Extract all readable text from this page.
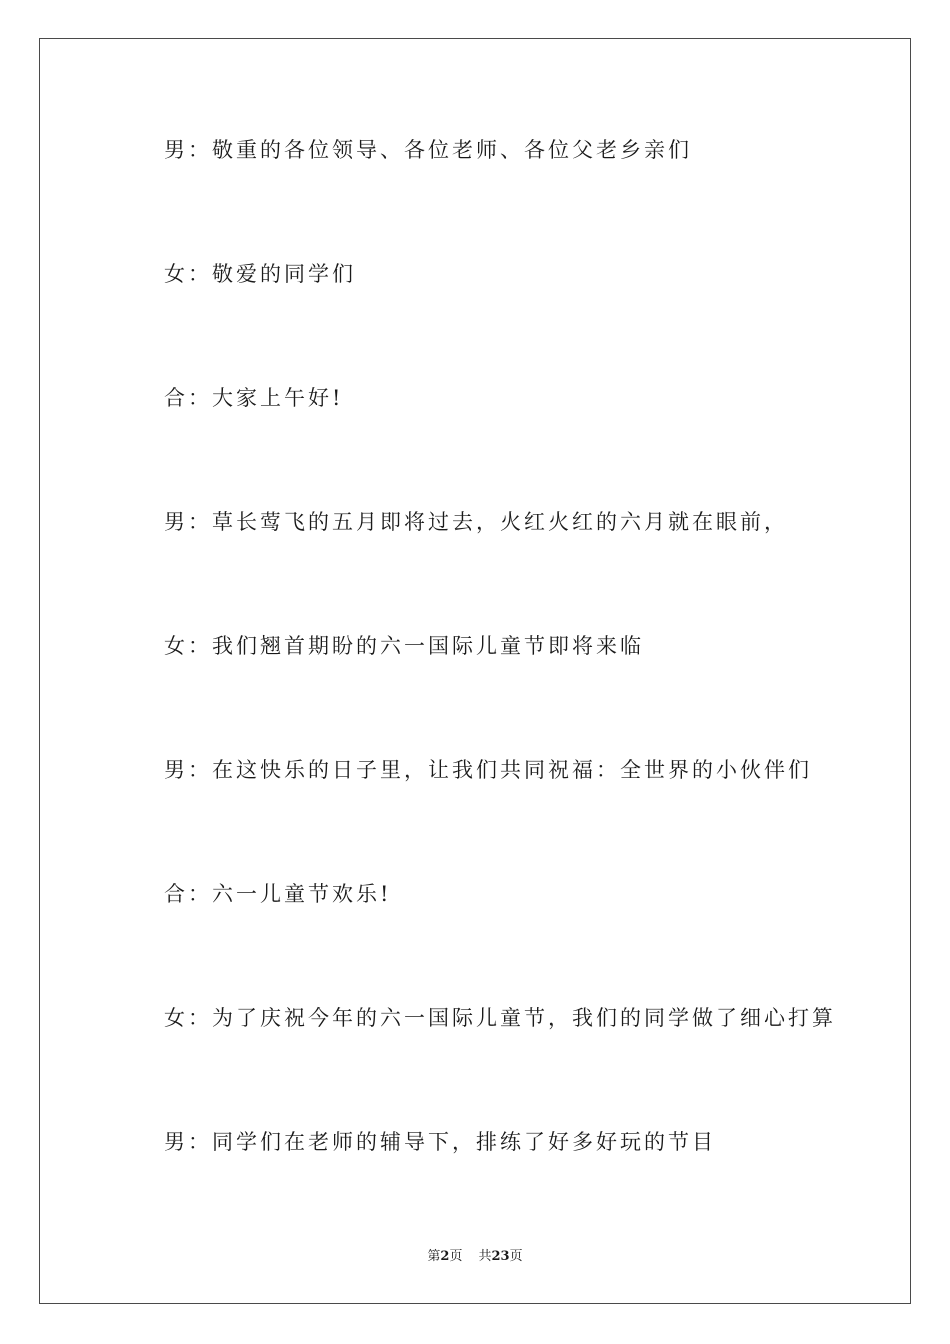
男：敬重的各位领导、各位老师、各位父老乡亲们
女：敬爱的同学们
合：大家上午好!
男：草长莺飞的五月即将过去，火红火红的六月就在眼前，
女：我们翘首期盼的六一国际儿童节即将来临
男：在这快乐的日子里，让我们共同祝福：全世界的小伙伴们
合：六一儿童节欢乐!
女：为了庆祝今年的六一国际儿童节，我们的同学做了细心打算
男：同学们在老师的辅导下，排练了好多好玩的节目
第2页 共23页
